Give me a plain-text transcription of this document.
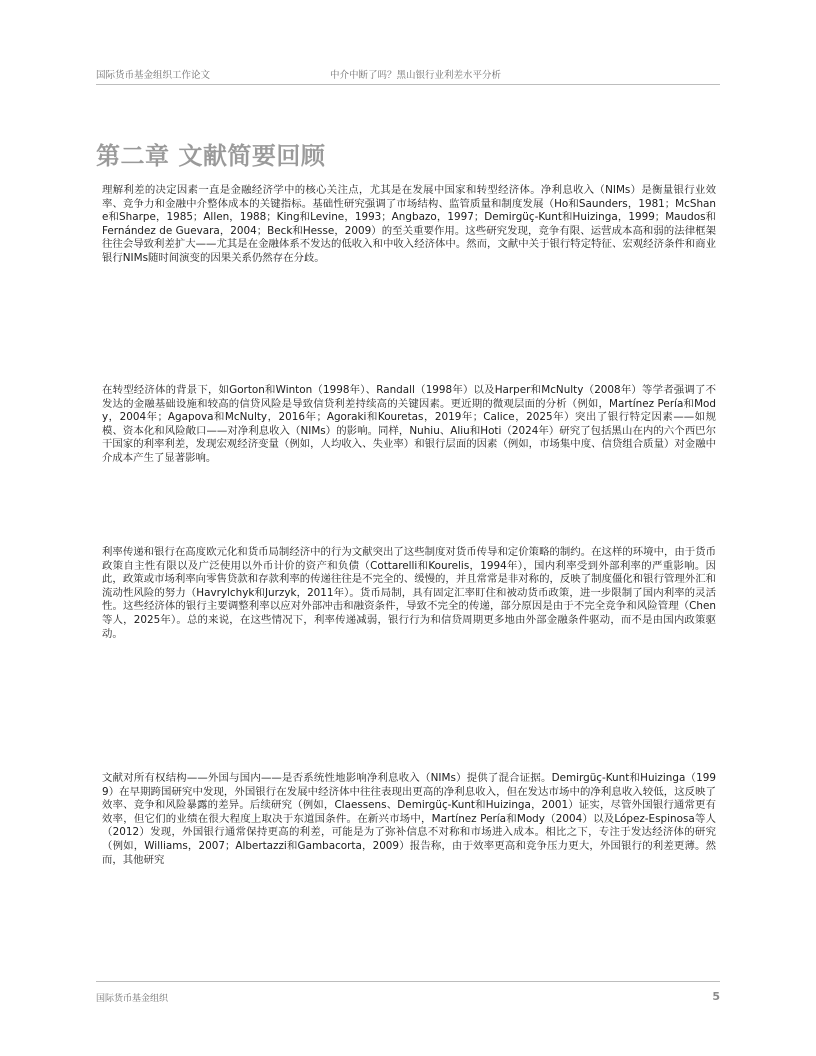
国际货币基金组织工作论文	中介中断了吗？黑山银行业利差水平分析
第二章 文献简要回顾

理解利差的决定因素一直是金融经济学中的核心关注点，尤其是在发展中国家和转型经济体。净利息收入（NIMs）是衡量银行业效率、竞争力和金融中介整体成本的关键指标。基础性研究强调了市场结构、监管质量和制度发展（Ho和Saunders，1981；McShane和Sharpe，1985；Allen，1988；King和Levine，1993；Angbazo，1997；Demirgüç-Kunt和Huizinga，1999；Maudos和Fernández de Guevara，2004；Beck和Hesse，2009）的至关重要作用。这些研究发现，竞争有限、运营成本高和弱的法律框架往往会导致利差扩大——尤其是在金融体系不发达的低收入和中收入经济体中。然而，文献中关于银行特定特征、宏观经济条件和商业银行NIMs随时间演变的因果关系仍然存在分歧。

在转型经济体的背景下，如Gorton和Winton（1998年）、Randall（1998年）以及Harper和McNulty（2008年）等学者强调了不发达的金融基础设施和较高的信贷风险是导致信贷利差持续高的关键因素。更近期的微观层面的分析（例如，Martínez Pería和Mody，2004年；Agapova和McNulty，2016年；Agoraki和Kouretas，2019年；Calice，2025年）突出了银行特定因素——如规模、资本化和风险敞口——对净利息收入（NIMs）的影响。同样，Nuhiu、Aliu和Hoti（2024年）研究了包括黑山在内的六个西巴尔干国家的利率利差，发现宏观经济变量（例如，人均收入、失业率）和银行层面的因素（例如，市场集中度、信贷组合质量）对金融中介成本产生了显著影响。

利率传递和银行在高度欧元化和货币局制经济中的行为文献突出了这些制度对货币传导和定价策略的制约。在这样的环境中，由于货币政策自主性有限以及广泛使用以外币计价的资产和负债（Cottarelli和Kourelis，1994年），国内利率受到外部利率的严重影响。因此，政策或市场利率向零售贷款和存款利率的传递往往是不完全的、缓慢的，并且常常是非对称的，反映了制度僵化和银行管理外汇和流动性风险的努力（Havrylchyk和Jurzyk，2011年）。货币局制，具有固定汇率盯住和被动货币政策，进一步限制了国内利率的灵活性。这些经济体的银行主要调整利率以应对外部冲击和融资条件，导致不完全的传递，部分原因是由于不完全竞争和风险管理（Chen等人，2025年）。总的来说，在这些情况下，利率传递减弱，银行行为和信贷周期更多地由外部金融条件驱动，而不是由国内政策驱动。

文献对所有权结构——外国与国内——是否系统性地影响净利息收入（NIMs）提供了混合证据。Demirgüç-Kunt和Huizinga（1999）在早期跨国研究中发现，外国银行在发展中经济体中往往表现出更高的净利息收入，但在发达市场中的净利息收入较低，这反映了效率、竞争和风险暴露的差异。后续研究（例如，Claessens、Demirgüç-Kunt和Huizinga，2001）证实，尽管外国银行通常更有效率，但它们的业绩在很大程度上取决于东道国条件。在新兴市场中，Martínez Pería和Mody（2004）以及López-Espinosa等人（2012）发现，外国银行通常保持更高的利差，可能是为了弥补信息不对称和市场进入成本。相比之下，专注于发达经济体的研究（例如，Williams，2007；Albertazzi和Gambacorta，2009）报告称，由于效率更高和竞争压力更大，外国银行的利差更薄。然而，其他研究

国际货币基金组织	5
